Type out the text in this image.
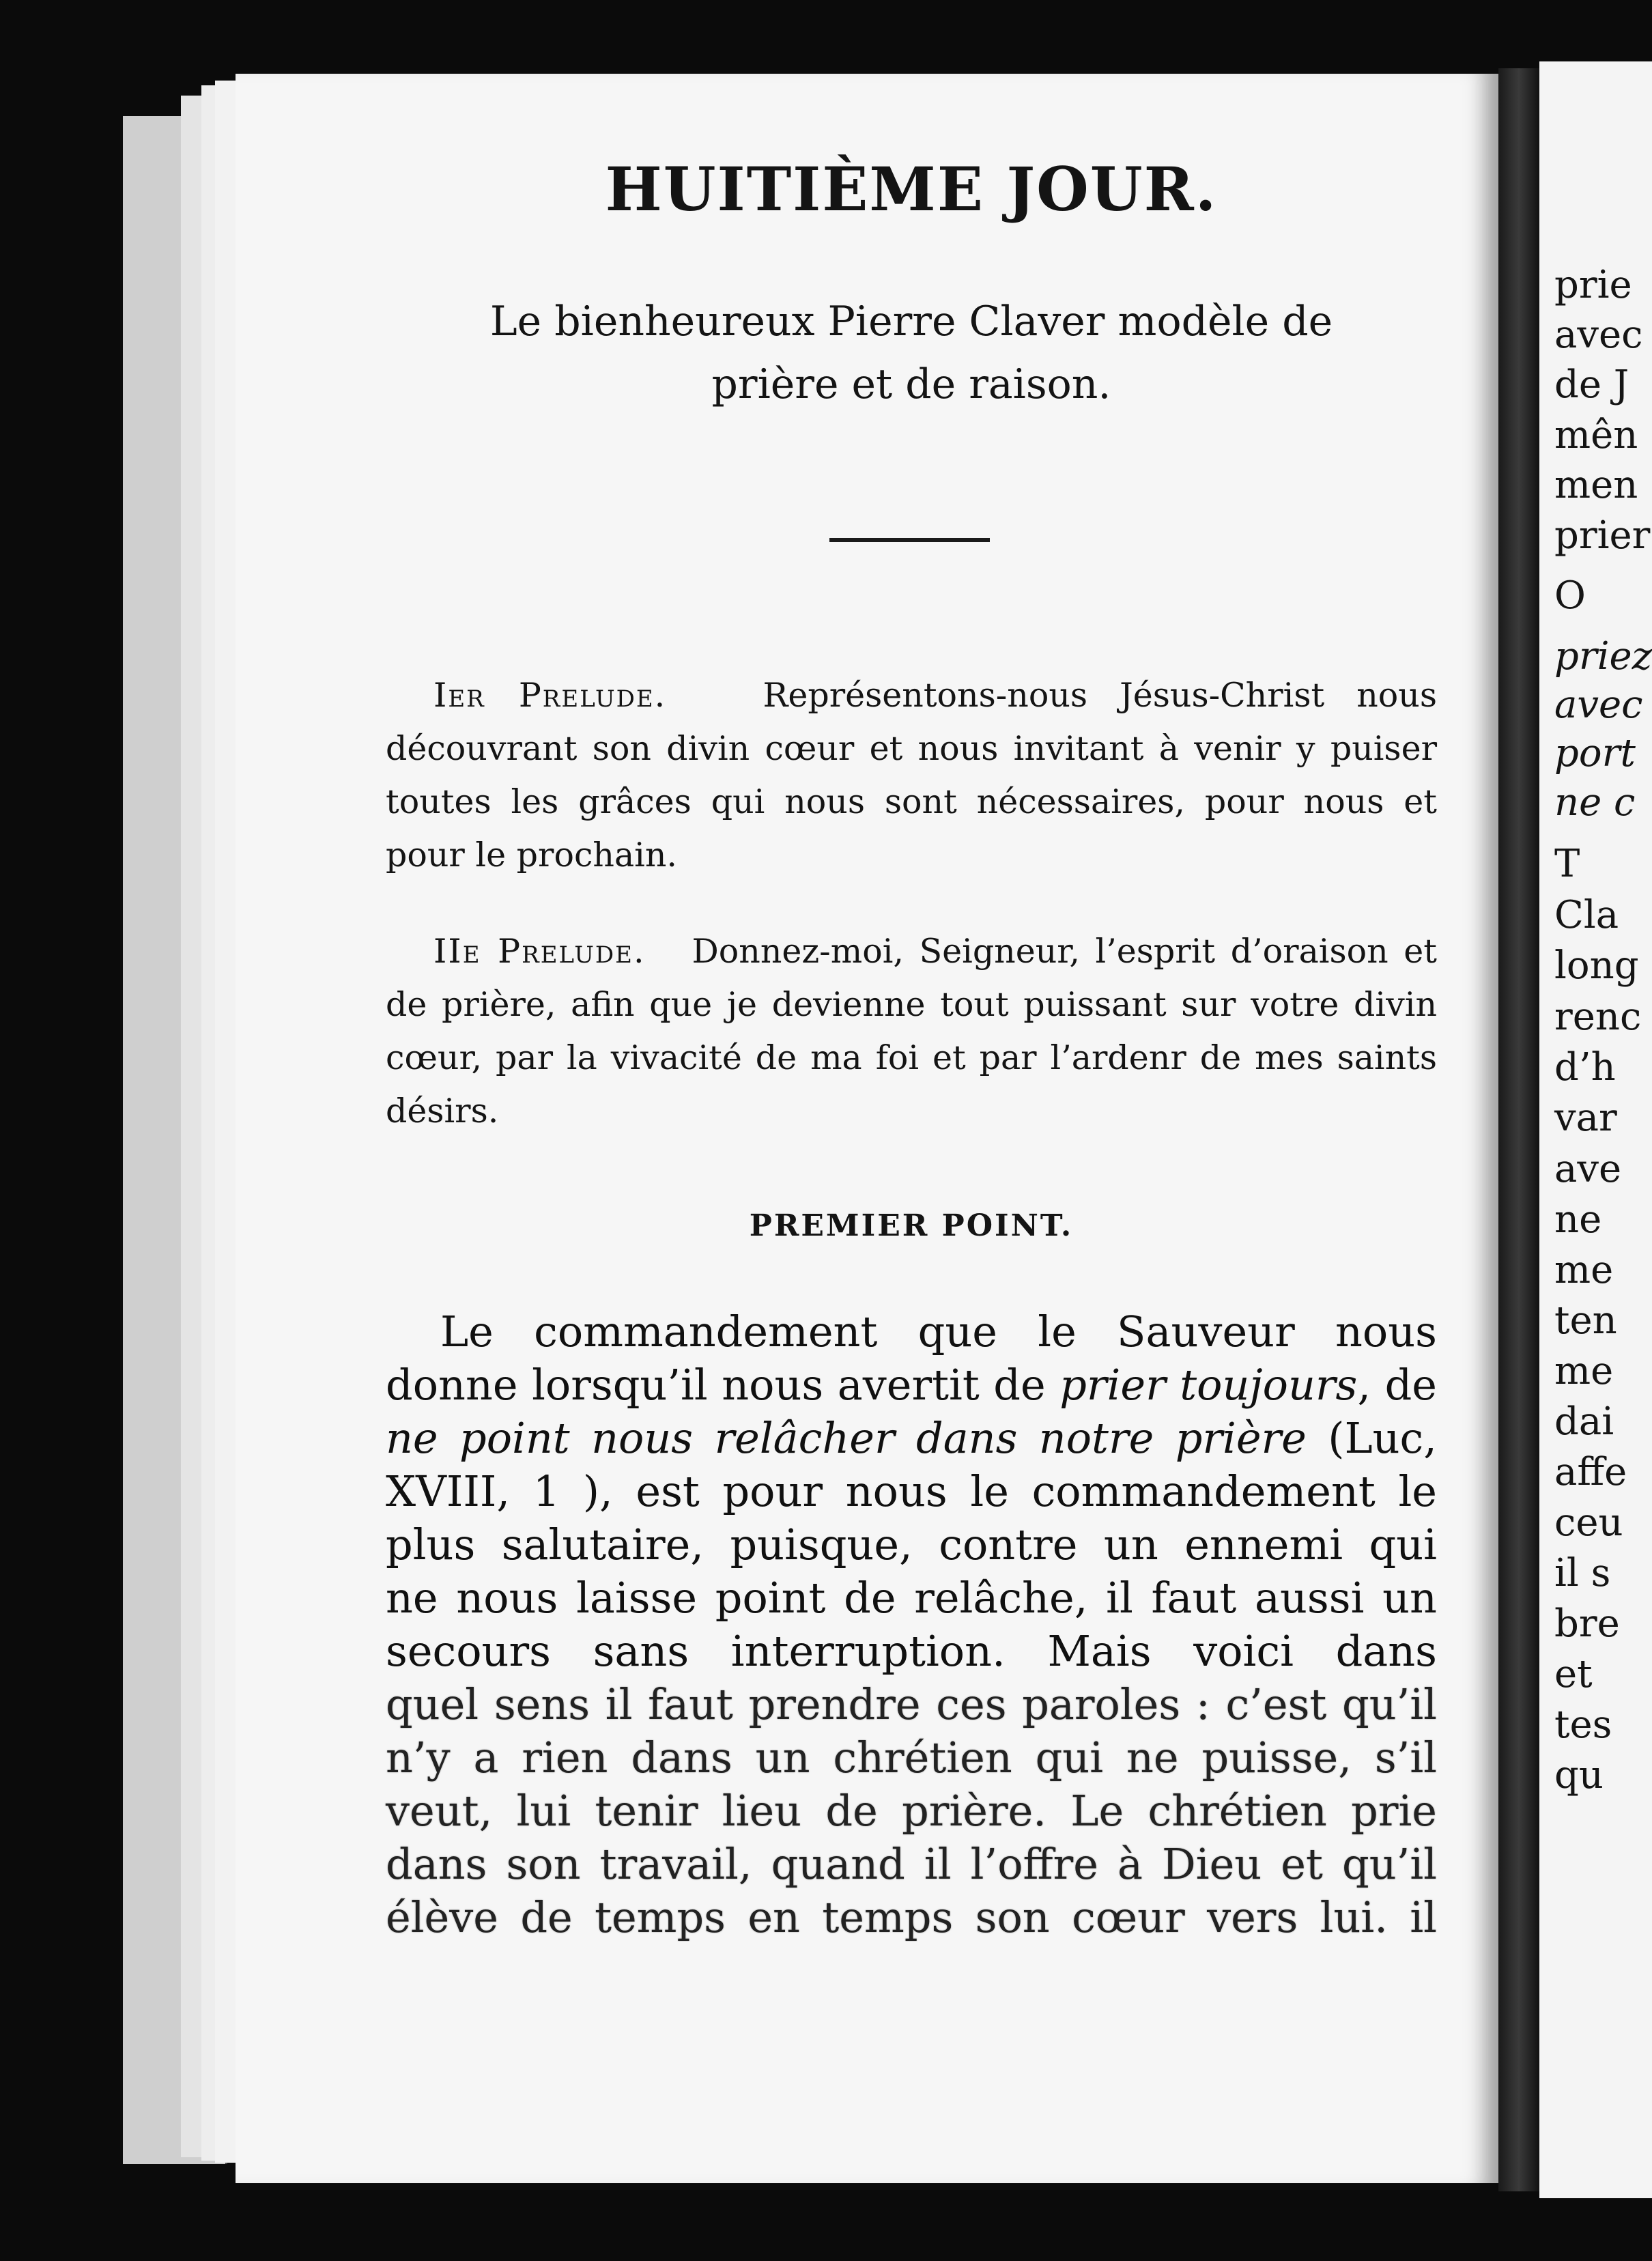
prie
avec
de J
mên
men
prier
O
priez
avec
port
ne c
T
Cla
long
renc
d’h
var
ave
ne
me
ten
me
dai
affe
ceu
il s
bre
et
tes
qu
HUITIÈME JOUR.
Le bienheureux Pierre Claver modèle de
prière et de raison.
Ier Prelude.	Représentons-nous Jésus-Christ nous découvrant son divin cœur et nous invitant à venir y puiser toutes les grâces qui nous sont nécessaires, pour nous et pour le prochain.
IIe Prelude. Donnez-moi, Seigneur, l’esprit d’oraison et de prière, afin que je devienne tout puissant sur votre divin cœur, par la vivacité de ma foi et par l’ardenr de mes saints désirs.
PREMIER POINT.
Le commandement que le Sauveur nous
donne lorsqu’il nous avertit de prier toujours, de
ne point nous relâcher dans notre prière (Luc,
XVIII, 1 ), est pour nous le commandement le
plus salutaire, puisque, contre un ennemi qui
ne nous laisse point de relâche, il faut aussi un
secours sans interruption. Mais voici dans
quel sens il faut prendre ces paroles : c’est qu’il
n’y a rien dans un chrétien qui ne puisse, s’il
veut, lui tenir lieu de prière. Le chrétien prie
dans son travail, quand il l’offre à Dieu et qu’il
élève de temps en temps son cœur vers lui. il
